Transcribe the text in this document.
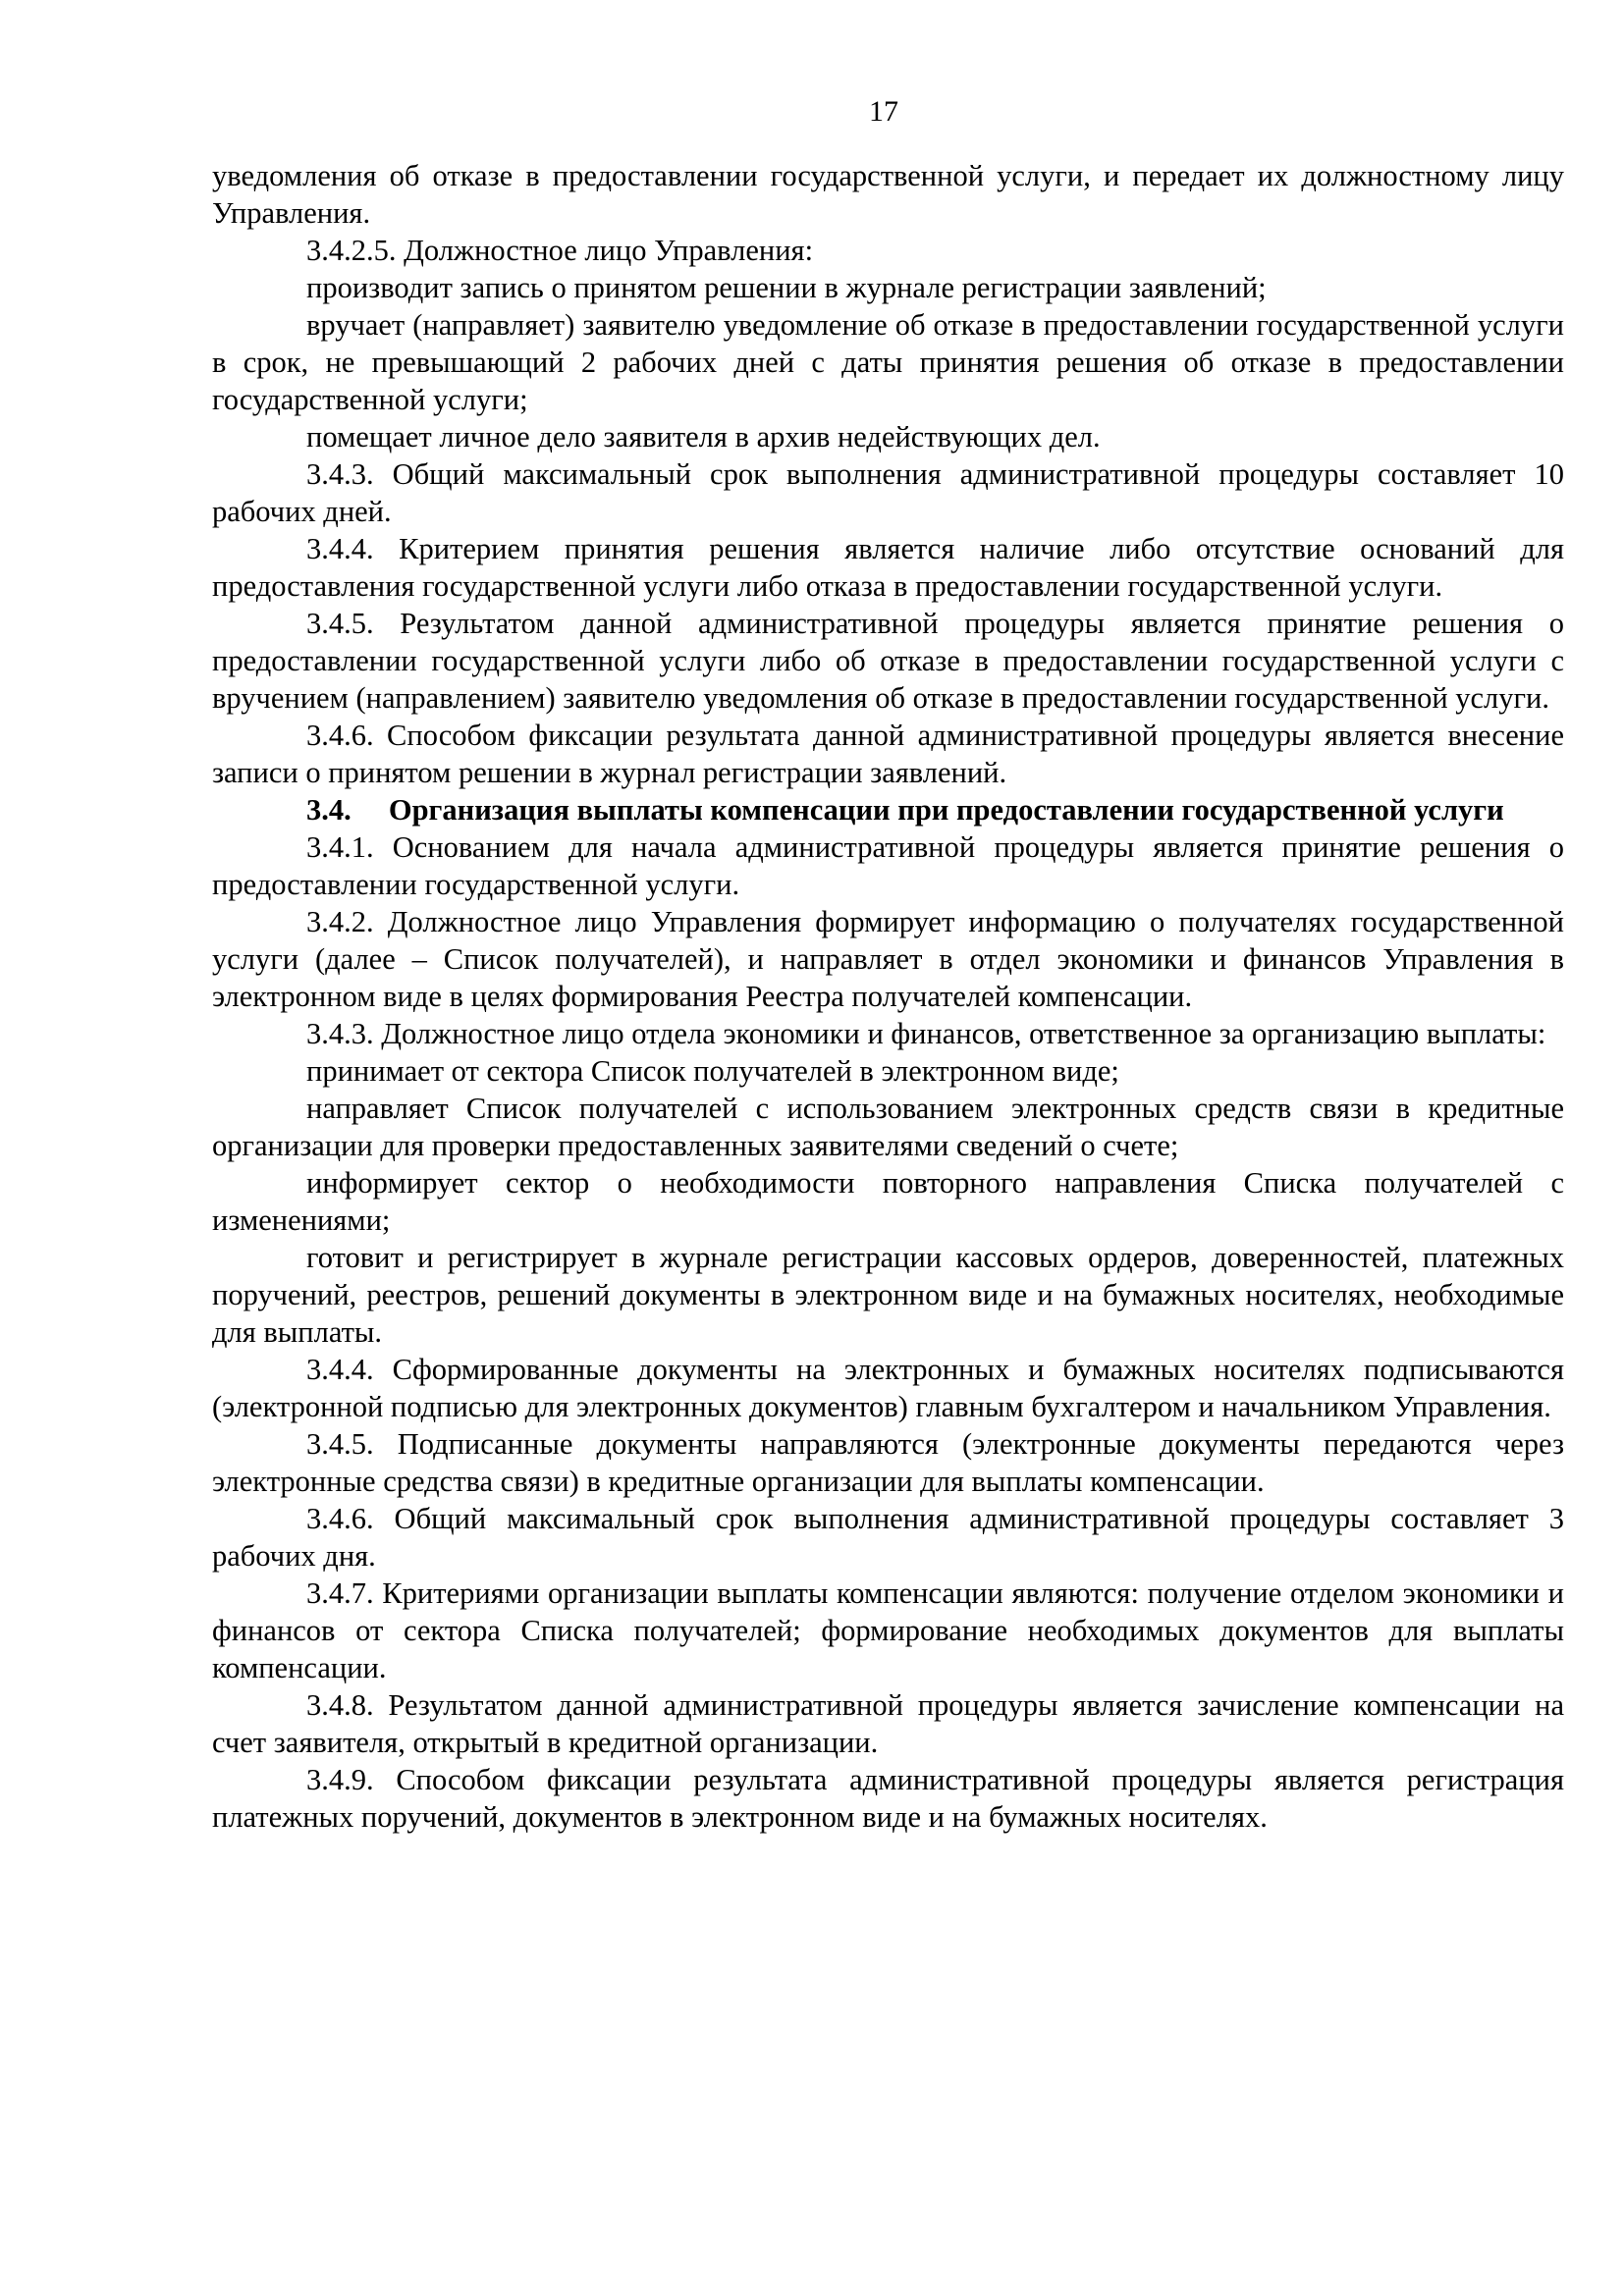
17

уведомления об отказе в предоставлении государственной услуги, и передает их должностному лицу Управления.

3.4.2.5. Должностное лицо Управления:

производит запись о принятом решении в журнале регистрации заявлений;

вручает (направляет) заявителю уведомление об отказе в предоставлении государственной услуги в срок, не превышающий 2 рабочих дней с даты принятия решения об отказе в предоставлении государственной услуги;

помещает личное дело заявителя в архив недействующих дел.

3.4.3. Общий максимальный срок выполнения административной процедуры составляет 10 рабочих дней.

3.4.4. Критерием принятия решения является наличие либо отсутствие оснований для предоставления государственной услуги либо отказа в предоставлении государственной услуги.

3.4.5. Результатом данной административной процедуры является принятие решения о предоставлении государственной услуги либо об отказе в предоставлении государственной услуги с вручением (направлением) заявителю уведомления об отказе в предоставлении государственной услуги.

3.4.6. Способом фиксации результата данной административной процедуры является внесение записи о принятом решении в журнал регистрации заявлений.

3.4.     Организация выплаты компенсации при предоставлении государственной услуги

3.4.1. Основанием для начала административной процедуры является принятие решения о предоставлении государственной услуги.

3.4.2. Должностное лицо Управления формирует информацию о получателях государственной услуги (далее – Список получателей), и направляет в отдел экономики и финансов Управления в электронном виде в целях формирования Реестра получателей компенсации.

3.4.3. Должностное лицо отдела экономики и финансов, ответственное за организацию выплаты:

принимает от сектора Список получателей в электронном виде;

направляет Список получателей с использованием электронных средств связи в кредитные организации для проверки предоставленных заявителями сведений о счете;

информирует сектор о необходимости повторного направления Списка получателей с изменениями;

готовит и регистрирует в журнале регистрации кассовых ордеров, доверенностей, платежных поручений, реестров, решений документы в электронном виде и на бумажных носителях, необходимые для выплаты.

3.4.4. Сформированные документы на электронных и бумажных носителях подписываются (электронной подписью для электронных документов) главным бухгалтером и начальником Управления.

3.4.5. Подписанные документы направляются (электронные документы передаются через электронные средства связи) в кредитные организации для выплаты компенсации.

3.4.6. Общий максимальный срок выполнения административной процедуры составляет 3 рабочих дня.

3.4.7. Критериями организации выплаты компенсации являются: получение отделом экономики и финансов от сектора Списка получателей; формирование необходимых документов для выплаты компенсации.

3.4.8. Результатом данной административной процедуры является зачисление компенсации на счет заявителя, открытый в кредитной организации.

3.4.9. Способом фиксации результата административной процедуры является регистрация платежных поручений, документов в электронном виде и на бумажных носителях.
